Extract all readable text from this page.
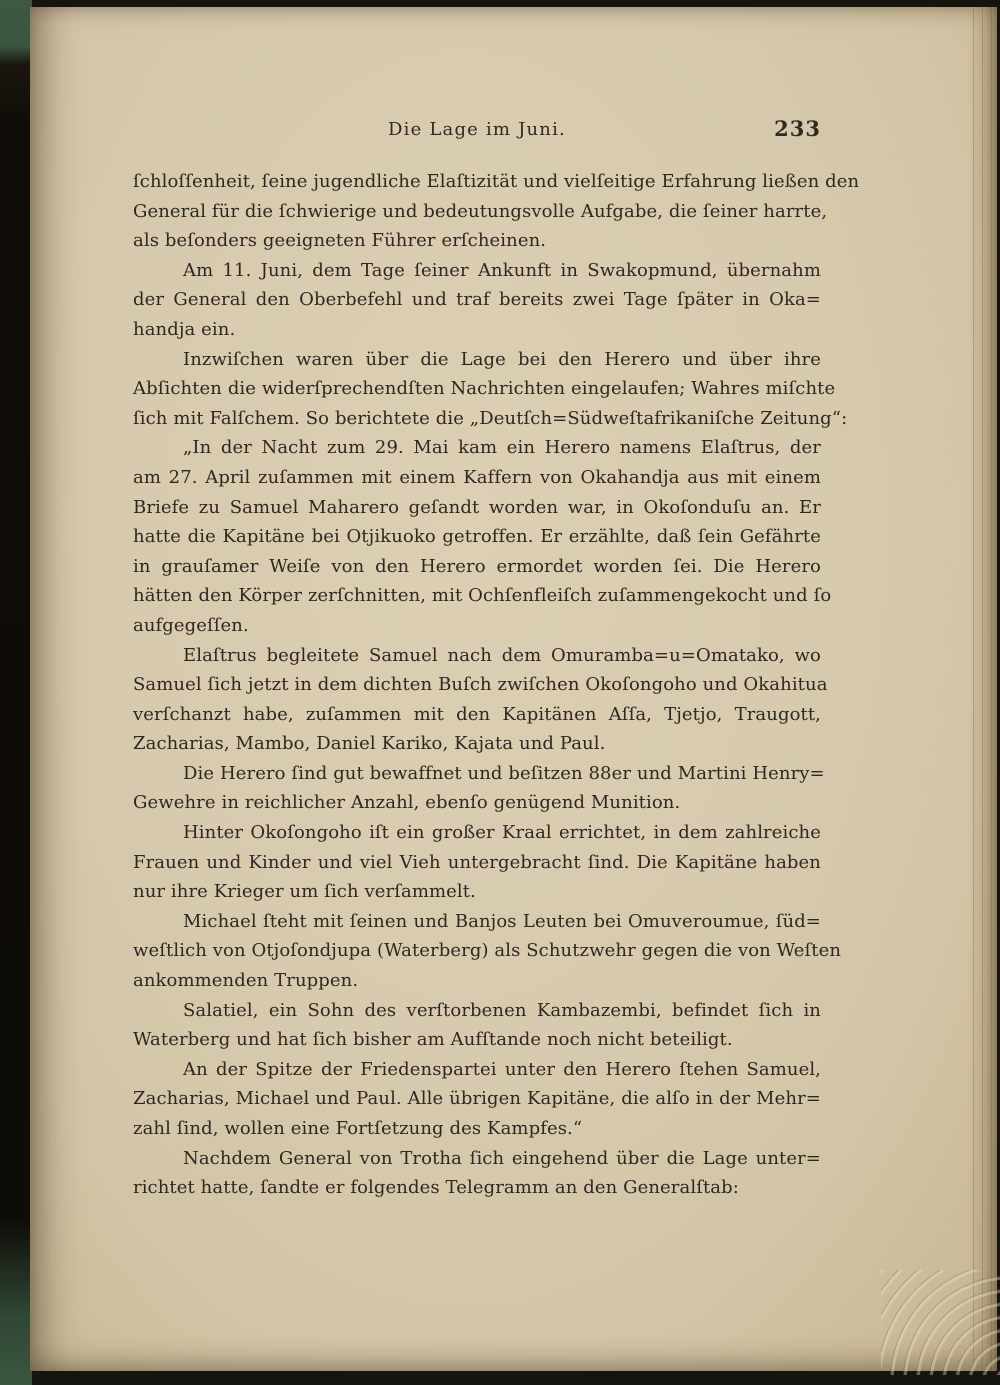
Die Lage im Juni.	233
ſchloſſenheit, ſeine jugendliche Elaſtizität und vielſeitige Erfahrung ließen den
General für die ſchwierige und bedeutungsvolle Aufgabe, die ſeiner harrte,
als beſonders geeigneten Führer erſcheinen.
Am 11. Juni, dem Tage ſeiner Ankunft in Swakopmund, übernahm
der General den Oberbefehl und traf bereits zwei Tage ſpäter in Oka=
handja ein.
Inzwiſchen waren über die Lage bei den Herero und über ihre
Abſichten die widerſprechendſten Nachrichten eingelaufen; Wahres miſchte
ſich mit Falſchem. So berichtete die „Deutſch=Südweſtafrikaniſche Zeitung“:
„In der Nacht zum 29. Mai kam ein Herero namens Elaſtrus, der
am 27. April zuſammen mit einem Kaffern von Okahandja aus mit einem
Briefe zu Samuel Maharero geſandt worden war, in Okoſonduſu an. Er
hatte die Kapitäne bei Otjikuoko getroffen. Er erzählte, daß ſein Gefährte
in grauſamer Weiſe von den Herero ermordet worden ſei. Die Herero
hätten den Körper zerſchnitten, mit Ochſenfleiſch zuſammengekocht und ſo
aufgegeſſen.
Elaſtrus begleitete Samuel nach dem Omuramba=u=Omatako, wo
Samuel ſich jetzt in dem dichten Buſch zwiſchen Okoſongoho und Okahitua
verſchanzt habe, zuſammen mit den Kapitänen Aſſa, Tjetjo, Traugott,
Zacharias, Mambo, Daniel Kariko, Kajata und Paul.
Die Herero ſind gut bewaffnet und beſitzen 88er und Martini Henry=
Gewehre in reichlicher Anzahl, ebenſo genügend Munition.
Hinter Okoſongoho iſt ein großer Kraal errichtet, in dem zahlreiche
Frauen und Kinder und viel Vieh untergebracht ſind. Die Kapitäne haben
nur ihre Krieger um ſich verſammelt.
Michael ſteht mit ſeinen und Banjos Leuten bei Omuveroumue, ſüd=
weſtlich von Otjoſondjupa (Waterberg) als Schutzwehr gegen die von Weſten
ankommenden Truppen.
Salatiel, ein Sohn des verſtorbenen Kambazembi, befindet ſich in
Waterberg und hat ſich bisher am Aufſtande noch nicht beteiligt.
An der Spitze der Friedenspartei unter den Herero ſtehen Samuel,
Zacharias, Michael und Paul. Alle übrigen Kapitäne, die alſo in der Mehr=
zahl ſind, wollen eine Fortſetzung des Kampfes.“
Nachdem General von Trotha ſich eingehend über die Lage unter=
richtet hatte, ſandte er folgendes Telegramm an den Generalſtab:
